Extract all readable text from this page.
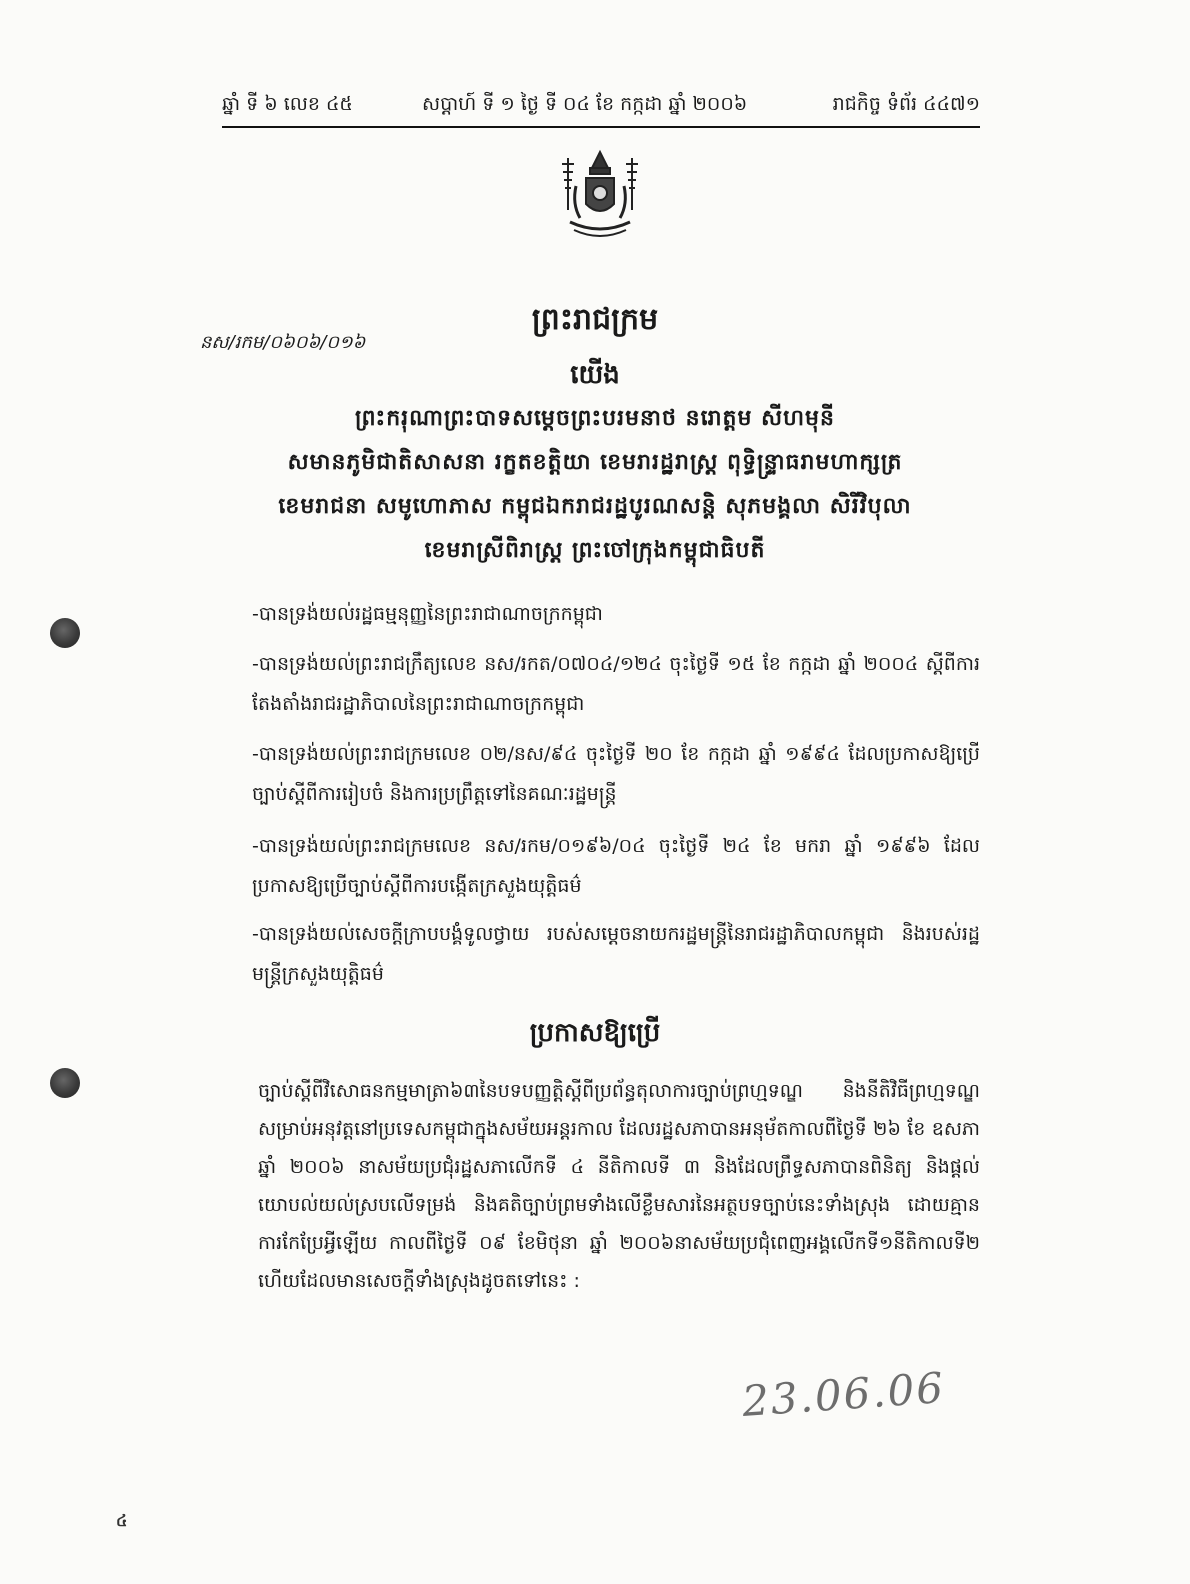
ឆ្នាំ ទី ៦ លេខ ៤៥	សប្តាហ៍ ទី ១ ថ្ងៃ ទី ០៤ ខែ កក្កដា ឆ្នាំ ២០០៦	រាជកិច្ច ទំព័រ ៤៤៧១
ព្រះរាជក្រម
នស/រកម/០៦០៦/០១៦
យើង
ព្រះករុណាព្រះបាទសម្តេចព្រះបរមនាថ នរោត្តម សីហមុនី
សមានភូមិជាតិសាសនា រក្ខតខត្តិយា ខេមរារដ្ឋរាស្ត្រ ពុទ្ធិន្ទ្រាធរាមហាក្សត្រ
ខេមរាជនា សមូហោភាស កម្ពុជឯករាជរដ្ឋបូរណសន្តិ សុភមង្គលា សិរីវិបុលា
ខេមរាស្រីពិរាស្ត្រ ព្រះចៅក្រុងកម្ពុជាធិបតី
-បានទ្រង់យល់រដ្ឋធម្មនុញ្ញនៃព្រះរាជាណាចក្រកម្ពុជា
-បានទ្រង់យល់ព្រះរាជក្រឹត្យលេខ នស/រកត/០៧០៤/១២៤ ចុះថ្ងៃទី ១៥ ខែ កក្កដា ឆ្នាំ ២០០៤ ស្តីពីការតែងតាំងរាជរដ្ឋាភិបាលនៃព្រះរាជាណាចក្រកម្ពុជា
-បានទ្រង់យល់ព្រះរាជក្រមលេខ ០២/នស/៩៤ ចុះថ្ងៃទី ២០ ខែ កក្កដា ឆ្នាំ ១៩៩៤ ដែលប្រកាសឱ្យប្រើច្បាប់ស្តីពីការរៀបចំ និងការប្រព្រឹត្តទៅនៃគណៈរដ្ឋមន្ត្រី
-បានទ្រង់យល់ព្រះរាជក្រមលេខ នស/រកម/០១៩៦/០៤ ចុះថ្ងៃទី ២៤ ខែ មករា ឆ្នាំ ១៩៩៦ ដែលប្រកាសឱ្យប្រើច្បាប់ស្តីពីការបង្កើតក្រសួងយុត្តិធម៌
-បានទ្រង់យល់សេចក្តីក្រាបបង្គំទូលថ្វាយ របស់សម្តេចនាយករដ្ឋមន្ត្រីនៃរាជរដ្ឋាភិបាលកម្ពុជា និងរបស់រដ្ឋមន្ត្រីក្រសួងយុត្តិធម៌
ប្រកាសឱ្យប្រើ
ច្បាប់ស្តីពីវិសោធនកម្មមាត្រា៦៣នៃបទបញ្ញត្តិស្តីពីប្រព័ន្ធតុលាការច្បាប់ព្រហ្មទណ្ឌ និងនីតិវិធីព្រហ្មទណ្ឌ សម្រាប់អនុវត្តនៅប្រទេសកម្ពុជាក្នុងសម័យអន្តរកាល ដែលរដ្ឋសភាបានអនុម័តកាលពីថ្ងៃទី ២៦ ខែ ឧសភា ឆ្នាំ ២០០៦ នាសម័យប្រជុំរដ្ឋសភាលើកទី ៤ នីតិកាលទី ៣ និងដែលព្រឹទ្ធសភាបានពិនិត្យ និងផ្តល់យោបល់យល់ស្របលើទម្រង់ និងគតិច្បាប់ព្រមទាំងលើខ្លឹមសារនៃអត្ថបទច្បាប់នេះទាំងស្រុង ដោយគ្មានការកែប្រែអ្វីឡើយ កាលពីថ្ងៃទី ០៩ ខែមិថុនា ឆ្នាំ ២០០៦នាសម័យប្រជុំពេញអង្គលើកទី១នីតិកាលទី២ ហើយដែលមានសេចក្តីទាំងស្រុងដូចតទៅនេះ :
23.06.06
៤
